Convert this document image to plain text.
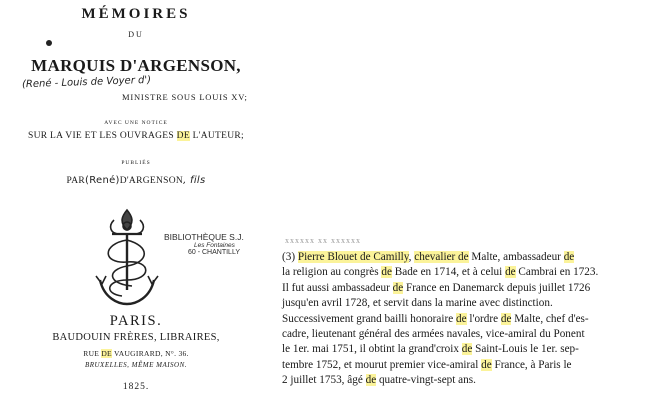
MÉMOIRES
DU
MARQUIS D'ARGENSON,
(René - Louis de Voyer d')
MINISTRE SOUS LOUIS XV;
AVEC UNE NOTICE
SUR LA VIE ET LES OUVRAGES DE L'AUTEUR;
PUBLIÉS
PAR(René)D'ARGENSON, fils
BIBLIOTHÈQUE S.J.
Les Fontaines
60 - CHANTILLY
PARIS.
BAUDOUIN FRÈRES, LIBRAIRES,
RUE DE VAUGIRARD, N°. 36.
BRUXELLES, MÊME MAISON.
1825.
xxxxxx xx xxxxxx
(3) Pierre Blouet de Camilly, chevalier de Malte, ambassadeur de
la religion au congrès de Bade en 1714, et à celui de Cambrai en 1723.
Il fut aussi ambassadeur de France en Danemarck depuis juillet 1726
jusqu'en avril 1728, et servit dans la marine avec distinction.
Successivement grand bailli honoraire de l'ordre de Malte, chef d'es-
cadre, lieutenant général des armées navales, vice-amiral du Ponent
le 1er. mai 1751, il obtint la grand'croix de Saint-Louis le 1er. sep-
tembre 1752, et mourut premier vice-amiral de France, à Paris le
2 juillet 1753, âgé de quatre-vingt-sept ans.
